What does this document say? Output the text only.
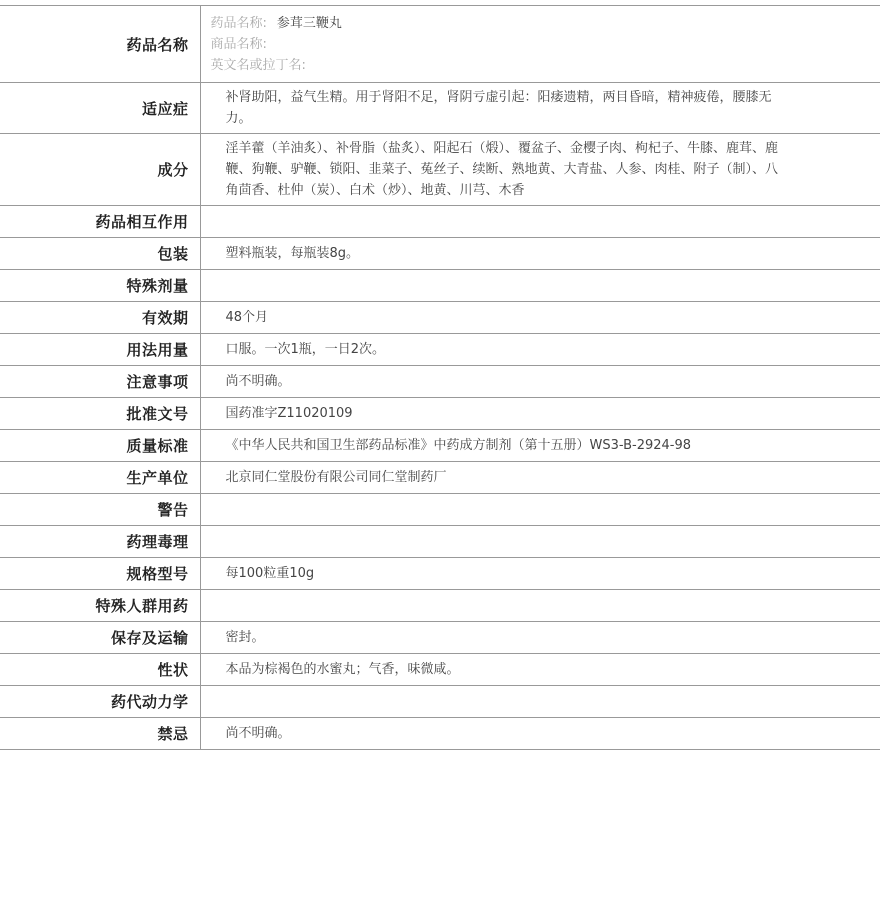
药品名称	药品名称: 参茸三鞭丸
商品名称:
英文名或拉丁名:

适应症	补肾助阳，益气生精。用于肾阳不足，肾阴亏虚引起：阳痿遗精，两目昏暗，精神疲倦，腰膝无力。
成分	淫羊藿（羊油炙）、补骨脂（盐炙）、阳起石（煅）、覆盆子、金樱子肉、枸杞子、牛膝、鹿茸、鹿鞭、狗鞭、驴鞭、锁阳、韭菜子、菟丝子、续断、熟地黄、大青盐、人参、肉桂、附子（制）、八角茴香、杜仲（炭）、白术（炒）、地黄、川芎、木香
药品相互作用	
包装	塑料瓶装，每瓶装8g。
特殊剂量	
有效期	48个月
用法用量	口服。一次1瓶，一日2次。
注意事项	尚不明确。
批准文号	国药准字Z11020109
质量标准	《中华人民共和国卫生部药品标准》中药成方制剂（第十五册）WS3-B-2924-98
生产单位	北京同仁堂股份有限公司同仁堂制药厂
警告	
药理毒理	
规格型号	每100粒重10g
特殊人群用药	
保存及运输	密封。
性状	本品为棕褐色的水蜜丸；气香，味微咸。
药代动力学	
禁忌	尚不明确。
